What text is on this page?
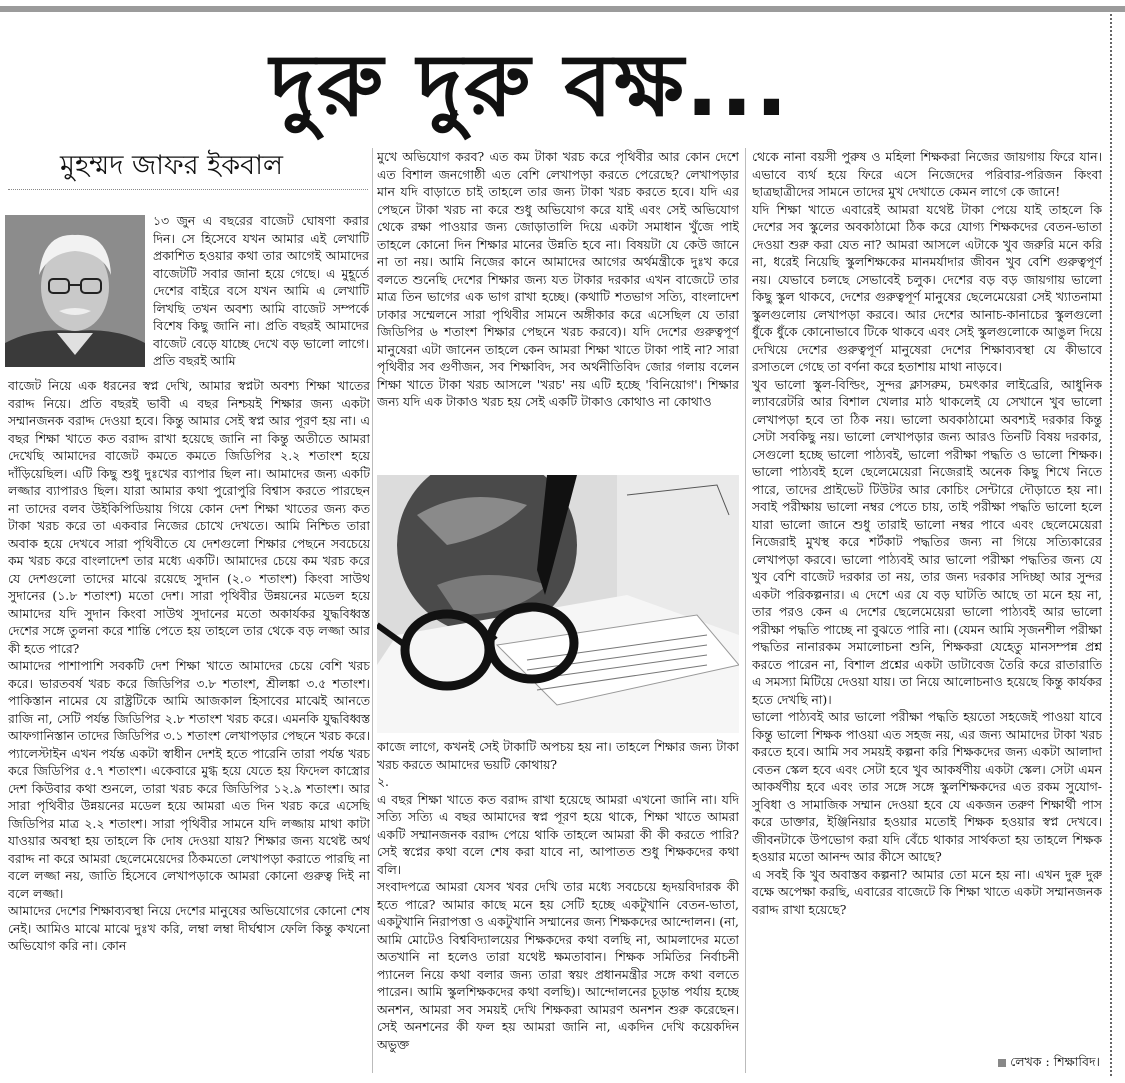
দুরু দুরু বক্ষ...
মুহম্মদ জাফর ইকবাল

১৩ জুন এ বছরের বাজেট ঘোষণা করার দিন। সে হিসেবে যখন আমার এই লেখাটি প্রকাশিত হওয়ার কথা তার আগেই আমাদের বাজেটটি সবার জানা হয়ে গেছে। এ মুহূর্তে দেশের বাইরে বসে যখন আমি এ লেখাটি লিখছি তখন অবশ্য আমি বাজেট সম্পর্কে বিশেষ কিছু জানি না। প্রতি বছরই আমাদের বাজেট বেড়ে যাচ্ছে দেখে বড় ভালো লাগে। প্রতি বছরই আমি

বাজেট নিয়ে এক ধরনের স্বপ্ন দেখি, আমার স্বপ্নটা অবশ্য শিক্ষা খাতের বরাদ্দ নিয়ে। প্রতি বছরই ভাবী এ বছর নিশ্চয়ই শিক্ষার জন্য একটা সম্মানজনক বরাদ্দ দেওয়া হবে। কিন্তু আমার সেই স্বপ্ন আর পূরণ হয় না। এ বছর শিক্ষা খাতে কত বরাদ্দ রাখা হয়েছে জানি না কিন্তু অতীতে আমরা দেখেছি আমাদের বাজেট কমতে কমতে জিডিপির ২.২ শতাংশ হয়ে দাঁড়িয়েছিল। এটি কিছু শুধু দুঃখের ব্যাপার ছিল না। আমাদের জন্য একটি লজ্জার ব্যাপারও ছিল। যারা আমার কথা পুরোপুরি বিশ্বাস করতে পারছেন না তাদের বলব উইকিপিডিয়ায় গিয়ে কোন দেশ শিক্ষা খাতের জন্য কত টাকা খরচ করে তা একবার নিজের চোখে দেখতে। আমি নিশ্চিত তারা অবাক হয়ে দেখবে সারা পৃথিবীতে যে দেশগুলো শিক্ষার পেছনে সবচেয়ে কম খরচ করে বাংলাদেশ তার মধ্যে একটি। আমাদের চেয়ে কম খরচ করে যে দেশগুলো তাদের মাঝে রয়েছে সুদান (২.০ শতাংশ) কিংবা সাউথ সুদানের (১.৮ শতাংশ) মতো দেশ। সারা পৃথিবীর উন্নয়নের মডেল হয়ে আমাদের যদি সুদান কিংবা সাউথ সুদানের মতো অকার্যকর যুদ্ধবিধ্বস্ত দেশের সঙ্গে তুলনা করে শান্তি পেতে হয় তাহলে তার থেকে বড় লজ্জা আর কী হতে পারে?

আমাদের পাশাপাশি সবকটি দেশ শিক্ষা খাতে আমাদের চেয়ে বেশি খরচ করে। ভারতবর্ষ খরচ করে জিডিপির ৩.৮ শতাংশ, শ্রীলঙ্কা ৩.৫ শতাংশ। পাকিস্তান নামের যে রাষ্ট্রটিকে আমি আজকাল হিসাবের মাঝেই আনতে রাজি না, সেটি পর্যন্ত জিডিপির ২.৮ শতাংশ খরচ করে। এমনকি যুদ্ধবিধ্বস্ত আফগানিস্তান তাদের জিডিপির ৩.১ শতাংশ লেখাপড়ার পেছনে খরচ করে। প্যালেস্টাইন এখন পর্যন্ত একটা স্বাধীন দেশই হতে পারেনি তারা পর্যন্ত খরচ করে জিডিপির ৫.৭ শতাংশ। একেবারে মুগ্ধ হয়ে যেতে হয় ফিদেল কাস্ত্রোর দেশ কিউবার কথা শুনলে, তারা খরচ করে জিডিপির ১২.৯ শতাংশ। আর সারা পৃথিবীর উন্নয়নের মডেল হয়ে আমরা এত দিন খরচ করে এসেছি জিডিপির মাত্র ২.২ শতাংশ। সারা পৃথিবীর সামনে যদি লজ্জায় মাথা কাটা যাওয়ার অবস্থা হয় তাহলে কি দোষ দেওয়া যায়? শিক্ষার জন্য যথেষ্ট অর্থ বরাদ্দ না করে আমরা ছেলেমেয়েদের ঠিকমতো লেখাপড়া করাতে পারছি না বলে লজ্জা নয়, জাতি হিসেবে লেখাপড়াকে আমরা কোনো গুরুত্ব দিই না বলে লজ্জা।

আমাদের দেশের শিক্ষাব্যবস্থা নিয়ে দেশের মানুষের অভিযোগের কোনো শেষ নেই। আমিও মাঝে মাঝে দুঃখ করি, লম্বা লম্বা দীর্ঘশ্বাস ফেলি কিন্তু কখনো অভিযোগ করি না। কোন

মুখে অভিযোগ করব? এত কম টাকা খরচ করে পৃথিবীর আর কোন দেশে এত বিশাল জনগোষ্ঠী এত বেশি লেখাপড়া করতে পেরেছে? লেখাপড়ার মান যদি বাড়াতে চাই তাহলে তার জন্য টাকা খরচ করতে হবে। যদি এর পেছনে টাকা খরচ না করে শুধু অভিযোগ করে যাই এবং সেই অভিযোগ থেকে রক্ষা পাওয়ার জন্য জোড়াতালি দিয়ে একটা সমাধান খুঁজে পাই তাহলে কোনো দিন শিক্ষার মানের উন্নতি হবে না। বিষয়টা যে কেউ জানে না তা নয়। আমি নিজের কানে আমাদের আগের অর্থমন্ত্রীকে দুঃখ করে বলতে শুনেছি দেশের শিক্ষার জন্য যত টাকার দরকার এখন বাজেটে তার মাত্র তিন ভাগের এক ভাগ রাখা হচ্ছে। (কথাটি শতভাগ সত্যি, বাংলাদেশ ঢাকার সম্মেলনে সারা পৃথিবীর সামনে অঙ্গীকার করে এসেছিল যে তারা জিডিপির ৬ শতাংশ শিক্ষার পেছনে খরচ করবে)। যদি দেশের গুরুত্বপূর্ণ মানুষেরা এটা জানেন তাহলে কেন আমরা শিক্ষা খাতে টাকা পাই না? সারা পৃথিবীর সব গুণীজন, সব শিক্ষাবিদ, সব অর্থনীতিবিদ জোর গলায় বলেন শিক্ষা খাতে টাকা খরচ আসলে 'খরচ' নয় এটি হচ্ছে 'বিনিয়োগ'। শিক্ষার জন্য যদি এক টাকাও খরচ হয় সেই একটি টাকাও কোথাও না কোথাও

কাজে লাগে, কখনই সেই টাকাটি অপচয় হয় না। তাহলে শিক্ষার জন্য টাকা খরচ করতে আমাদের ভয়টি কোথায়?

২.

এ বছর শিক্ষা খাতে কত বরাদ্দ রাখা হয়েছে আমরা এখনো জানি না। যদি সত্যি সত্যি এ বছর আমাদের স্বপ্ন পূরণ হয়ে থাকে, শিক্ষা খাতে আমরা একটি সম্মানজনক বরাদ্দ পেয়ে থাকি তাহলে আমরা কী কী করতে পারি? সেই স্বপ্নের কথা বলে শেষ করা যাবে না, আপাতত শুধু শিক্ষকদের কথা বলি।

সংবাদপত্রে আমরা যেসব খবর দেখি তার মধ্যে সবচেয়ে হৃদয়বিদারক কী হতে পারে? আমার কাছে মনে হয় সেটি হচ্ছে একটুখানি বেতন-ভাতা, একটুখানি নিরাপত্তা ও একটুখানি সম্মানের জন্য শিক্ষকদের আন্দোলন। (না, আমি মোটেও বিশ্ববিদ্যালয়ের শিক্ষকদের কথা বলছি না, আমলাদের মতো অতখানি না হলেও তারা যথেষ্ট ক্ষমতাবান। শিক্ষক সমিতির নির্বাচনী প্যানেল নিয়ে কথা বলার জন্য তারা স্বয়ং প্রধানমন্ত্রীর সঙ্গে কথা বলতে পারেন। আমি স্কুলশিক্ষকদের কথা বলছি)। আন্দোলনের চূড়ান্ত পর্যায় হচ্ছে অনশন, আমরা সব সময়ই দেখি শিক্ষকরা আমরণ অনশন শুরু করেছেন। সেই অনশনের কী ফল হয় আমরা জানি না, একদিন দেখি কয়েকদিন অভুক্ত

থেকে নানা বয়সী পুরুষ ও মহিলা শিক্ষকরা নিজের জায়গায় ফিরে যান। এভাবে ব্যর্থ হয়ে ফিরে এসে নিজেদের পরিবার-পরিজন কিংবা ছাত্রছাত্রীদের সামনে তাদের মুখ দেখাতে কেমন লাগে কে জানে!

যদি শিক্ষা খাতে এবারেই আমরা যথেষ্ট টাকা পেয়ে যাই তাহলে কি দেশের সব স্কুলের অবকাঠামো ঠিক করে যোগ্য শিক্ষকদের বেতন-ভাতা দেওয়া শুরু করা যেত না? আমরা আসলে এটাকে খুব জরুরি মনে করি না, ধরেই নিয়েছি স্কুলশিক্ষকের মানমর্যাদার জীবন খুব বেশি গুরুত্বপূর্ণ নয়। যেভাবে চলছে সেভাবেই চলুক। দেশের বড় বড় জায়গায় ভালো কিছু স্কুল থাকবে, দেশের গুরুত্বপূর্ণ মানুষের ছেলেমেয়েরা সেই খ্যাতনামা স্কুলগুলোয় লেখাপড়া করবে। আর দেশের আনাচ-কানাচের স্কুলগুলো ধুঁকে ধুঁকে কোনোভাবে টিকে থাকবে এবং সেই স্কুলগুলোকে আঙুল দিয়ে দেখিয়ে দেশের গুরুত্বপূর্ণ মানুষেরা দেশের শিক্ষাব্যবস্থা যে কীভাবে রসাতলে গেছে তা বর্ণনা করে হতাশায় মাথা নাড়বে।

খুব ভালো স্কুল-বিল্ডিং, সুন্দর ক্লাসরুম, চমৎকার লাইব্রেরি, আধুনিক ল্যাবরেটরি আর বিশাল খেলার মাঠ থাকলেই যে সেখানে খুব ভালো লেখাপড়া হবে তা ঠিক নয়। ভালো অবকাঠামো অবশ্যই দরকার কিন্তু সেটা সবকিছু নয়। ভালো লেখাপড়ার জন্য আরও তিনটি বিষয় দরকার, সেগুলো হচ্ছে ভালো পাঠ্যবই, ভালো পরীক্ষা পদ্ধতি ও ভালো শিক্ষক। ভালো পাঠ্যবই হলে ছেলেমেয়েরা নিজেরাই অনেক কিছু শিখে নিতে পারে, তাদের প্রাইভেট টিউটর আর কোচিং সেন্টারে দৌড়াতে হয় না। সবাই পরীক্ষায় ভালো নম্বর পেতে চায়, তাই পরীক্ষা পদ্ধতি ভালো হলে যারা ভালো জানে শুধু তারাই ভালো নম্বর পাবে এবং ছেলেমেয়েরা নিজেরাই মুখস্থ করে শর্টকাট পদ্ধতির জন্য না গিয়ে সত্যিকারের লেখাপড়া করবে। ভালো পাঠ্যবই আর ভালো পরীক্ষা পদ্ধতির জন্য যে খুব বেশি বাজেট দরকার তা নয়, তার জন্য দরকার সদিচ্ছা আর সুন্দর একটা পরিকল্পনার। এ দেশে এর যে বড় ঘাটতি আছে তা মনে হয় না, তার পরও কেন এ দেশের ছেলেমেয়েরা ভালো পাঠ্যবই আর ভালো পরীক্ষা পদ্ধতি পাচ্ছে না বুঝতে পারি না। (যেমন আমি সৃজনশীল পরীক্ষা পদ্ধতির নানারকম সমালোচনা শুনি, শিক্ষকরা যেহেতু মানসম্পন্ন প্রশ্ন করতে পারেন না, বিশাল প্রশ্নের একটা ডাটাবেজ তৈরি করে রাতারাতি এ সমস্যা মিটিয়ে দেওয়া যায়। তা নিয়ে আলোচনাও হয়েছে কিন্তু কার্যকর হতে দেখছি না)।

ভালো পাঠ্যবই আর ভালো পরীক্ষা পদ্ধতি হয়তো সহজেই পাওয়া যাবে কিন্তু ভালো শিক্ষক পাওয়া এত সহজ নয়, এর জন্য আমাদের টাকা খরচ করতে হবে। আমি সব সময়ই কল্পনা করি শিক্ষকদের জন্য একটা আলাদা বেতন স্কেল হবে এবং সেটা হবে খুব আকর্ষণীয় একটা স্কেল। সেটা এমন আকর্ষণীয় হবে এবং তার সঙ্গে সঙ্গে স্কুলশিক্ষকদের এত রকম সুযোগ-সুবিধা ও সামাজিক সম্মান দেওয়া হবে যে একজন তরুণ শিক্ষার্থী পাস করে ডাক্তার, ইঞ্জিনিয়ার হওয়ার মতোই শিক্ষক হওয়ার স্বপ্ন দেখবে। জীবনটাকে উপভোগ করা যদি বেঁচে থাকার সার্থকতা হয় তাহলে শিক্ষক হওয়ার মতো আনন্দ আর কীসে আছে?

এ সবই কি খুব অবাস্তব কল্পনা? আমার তো মনে হয় না। এখন দুরু দুরু বক্ষে অপেক্ষা করছি, এবারের বাজেটে কি শিক্ষা খাতে একটা সম্মানজনক বরাদ্দ রাখা হয়েছে?

লেখক : শিক্ষাবিদ।
